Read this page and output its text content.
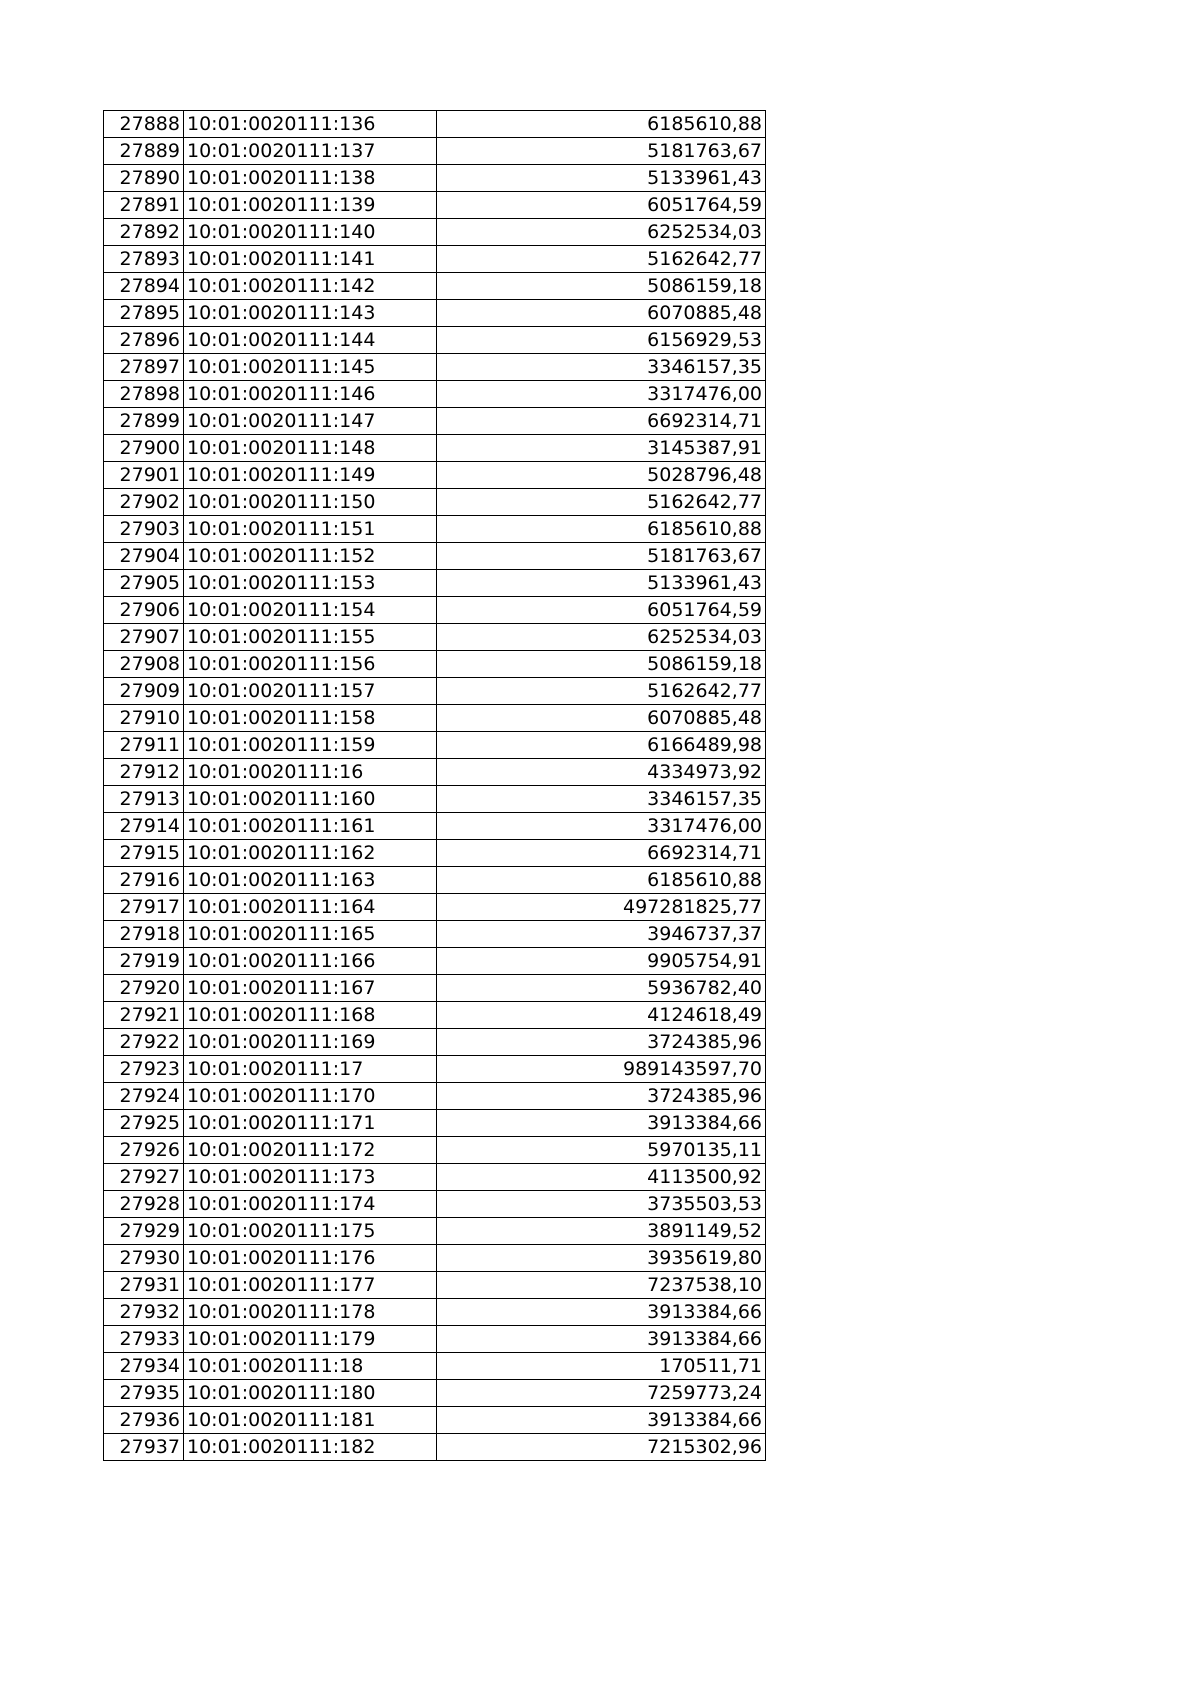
27888	10:01:0020111:136	6185610,88
27889	10:01:0020111:137	5181763,67
27890	10:01:0020111:138	5133961,43
27891	10:01:0020111:139	6051764,59
27892	10:01:0020111:140	6252534,03
27893	10:01:0020111:141	5162642,77
27894	10:01:0020111:142	5086159,18
27895	10:01:0020111:143	6070885,48
27896	10:01:0020111:144	6156929,53
27897	10:01:0020111:145	3346157,35
27898	10:01:0020111:146	3317476,00
27899	10:01:0020111:147	6692314,71
27900	10:01:0020111:148	3145387,91
27901	10:01:0020111:149	5028796,48
27902	10:01:0020111:150	5162642,77
27903	10:01:0020111:151	6185610,88
27904	10:01:0020111:152	5181763,67
27905	10:01:0020111:153	5133961,43
27906	10:01:0020111:154	6051764,59
27907	10:01:0020111:155	6252534,03
27908	10:01:0020111:156	5086159,18
27909	10:01:0020111:157	5162642,77
27910	10:01:0020111:158	6070885,48
27911	10:01:0020111:159	6166489,98
27912	10:01:0020111:16	4334973,92
27913	10:01:0020111:160	3346157,35
27914	10:01:0020111:161	3317476,00
27915	10:01:0020111:162	6692314,71
27916	10:01:0020111:163	6185610,88
27917	10:01:0020111:164	497281825,77
27918	10:01:0020111:165	3946737,37
27919	10:01:0020111:166	9905754,91
27920	10:01:0020111:167	5936782,40
27921	10:01:0020111:168	4124618,49
27922	10:01:0020111:169	3724385,96
27923	10:01:0020111:17	989143597,70
27924	10:01:0020111:170	3724385,96
27925	10:01:0020111:171	3913384,66
27926	10:01:0020111:172	5970135,11
27927	10:01:0020111:173	4113500,92
27928	10:01:0020111:174	3735503,53
27929	10:01:0020111:175	3891149,52
27930	10:01:0020111:176	3935619,80
27931	10:01:0020111:177	7237538,10
27932	10:01:0020111:178	3913384,66
27933	10:01:0020111:179	3913384,66
27934	10:01:0020111:18	170511,71
27935	10:01:0020111:180	7259773,24
27936	10:01:0020111:181	3913384,66
27937	10:01:0020111:182	7215302,96
